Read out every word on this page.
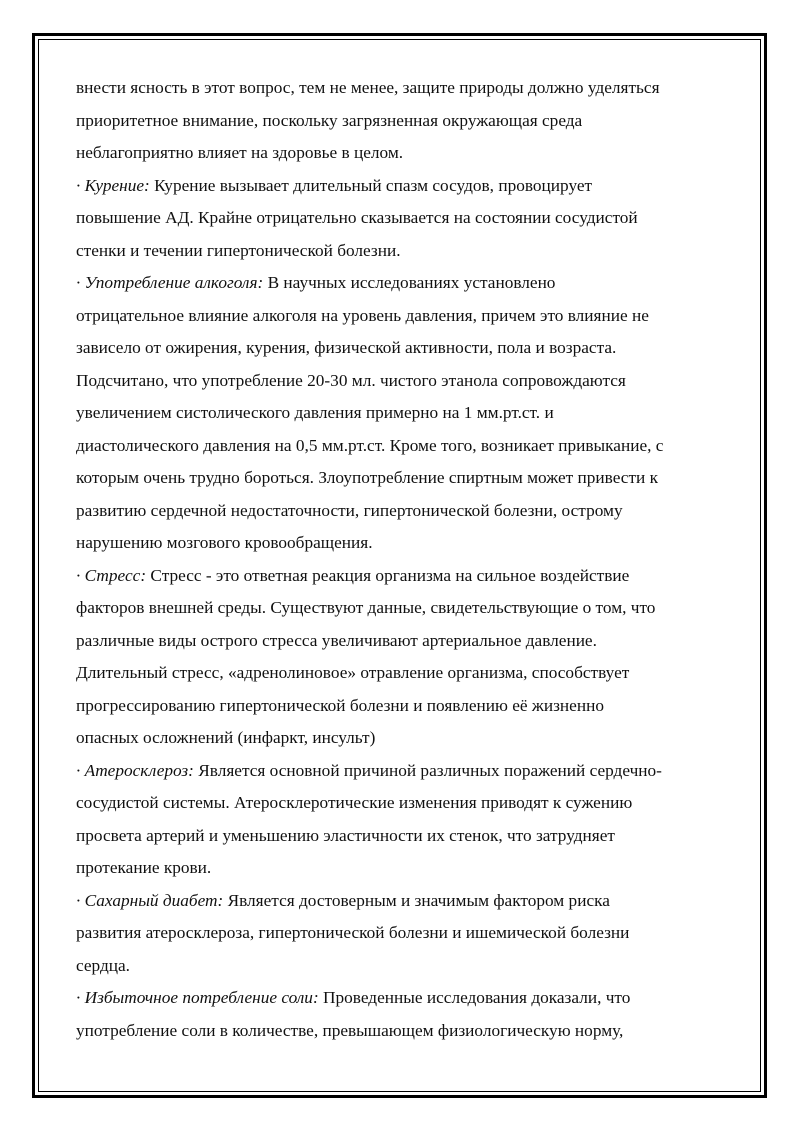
внести ясность в этот вопрос, тем не менее, защите природы должно уделяться
приоритетное внимание, поскольку загрязненная окружающая среда
неблагоприятно влияет на здоровье в целом.
· Курение: Курение вызывает длительный спазм сосудов, провоцирует
повышение АД. Крайне отрицательно сказывается на состоянии сосудистой
стенки и течении гипертонической болезни.
· Употребление алкоголя: В научных исследованиях установлено
отрицательное влияние алкоголя на уровень давления, причем это влияние не
зависело от ожирения, курения, физической активности, пола и возраста.
Подсчитано, что употребление 20-30 мл. чистого этанола сопровождаются
увеличением систолического давления примерно на 1 мм.рт.ст. и
диастолического давления на 0,5 мм.рт.ст. Кроме того, возникает привыкание, с
которым очень трудно бороться. Злоупотребление спиртным может привести к
развитию сердечной недостаточности, гипертонической болезни, острому
нарушению мозгового кровообращения.
· Стресс: Стресс - это ответная реакция организма на сильное воздействие
факторов внешней среды. Существуют данные, свидетельствующие о том, что
различные виды острого стресса увеличивают артериальное давление.
Длительный стресс, «адренолиновое» отравление организма, способствует
прогрессированию гипертонической болезни и появлению её жизненно
опасных осложнений (инфаркт, инсульт)
· Атеросклероз: Является основной причиной различных поражений сердечно-
сосудистой системы. Атеросклеротические изменения приводят к сужению
просвета артерий и уменьшению эластичности их стенок, что затрудняет
протекание крови.
· Сахарный диабет: Является достоверным и значимым фактором риска
развития атеросклероза, гипертонической болезни и ишемической болезни
сердца.
· Избыточное потребление соли: Проведенные исследования доказали, что
употребление соли в количестве, превышающем физиологическую норму,
